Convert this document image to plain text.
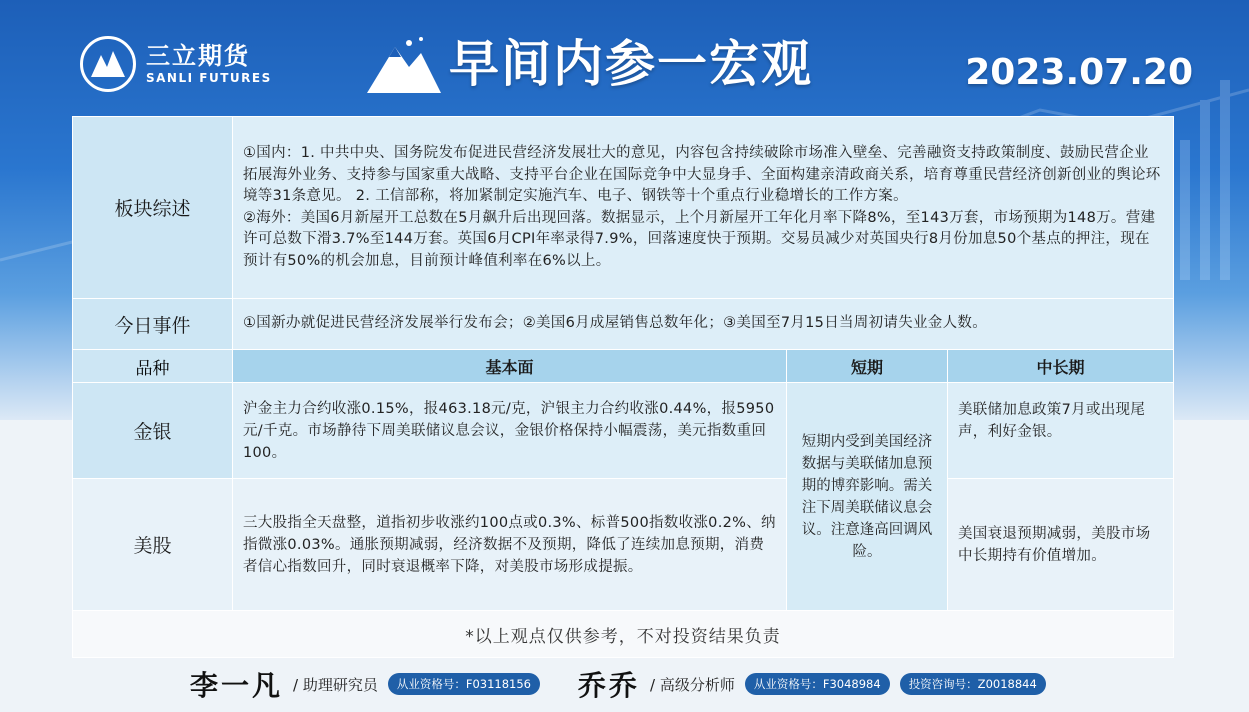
三立期货
SANLI FUTURES	早间内参一宏观	2023.07.20
板块综述	①国内：1. 中共中央、国务院发布促进民营经济发展壮大的意见，内容包含持续破除市场准入壁垒、完善融资支持政策制度、鼓励民营企业拓展海外业务、支持参与国家重大战略、支持平台企业在国际竞争中大显身手、全面构建亲清政商关系，培育尊重民营经济创新创业的舆论环境等31条意见。 2. 工信部称，将加紧制定实施汽车、电子、钢铁等十个重点行业稳增长的工作方案。

②海外：美国6月新屋开工总数在5月飙升后出现回落。数据显示，上个月新屋开工年化月率下降8%，至143万套，市场预期为148万。营建许可总数下滑3.7%至144万套。英国6月CPI年率录得7.9%，回落速度快于预期。交易员减少对英国央行8月份加息50个基点的押注，现在预计有50%的机会加息，目前预计峰值利率在6%以上。		

今日事件	①国新办就促进民营经济发展举行发布会；②美国6月成屋销售总数年化；③美国至7月15日当周初请失业金人数。		
品种	基本面	短期	中长期
金银	沪金主力合约收涨0.15%，报463.18元/克，沪银主力合约收涨0.44%，报5950元/千克。市场静待下周美联储议息会议，金银价格保持小幅震荡，美元指数重回100。	短期内受到美国经济数据与美联储加息预期的博弈影响。需关注下周美联储议息会议。注意逢高回调风险。	美联储加息政策7月或出现尾声，利好金银。
美股	三大股指全天盘整，道指初步收涨约100点或0.3%、标普500指数收涨0.2%、纳指微涨0.03%。通胀预期减弱，经济数据不及预期，降低了连续加息预期，消费者信心指数回升，同时衰退概率下降，对美股市场形成提振。		美国衰退预期减弱，美股市场中长期持有价值增加。
*以上观点仅供参考，不对投资结果负责			
李一凡 / 助理研究员	从业资格号：F03118156	乔乔 / 高级分析师	从业资格号：F3048984	投资咨询号：Z0018844
